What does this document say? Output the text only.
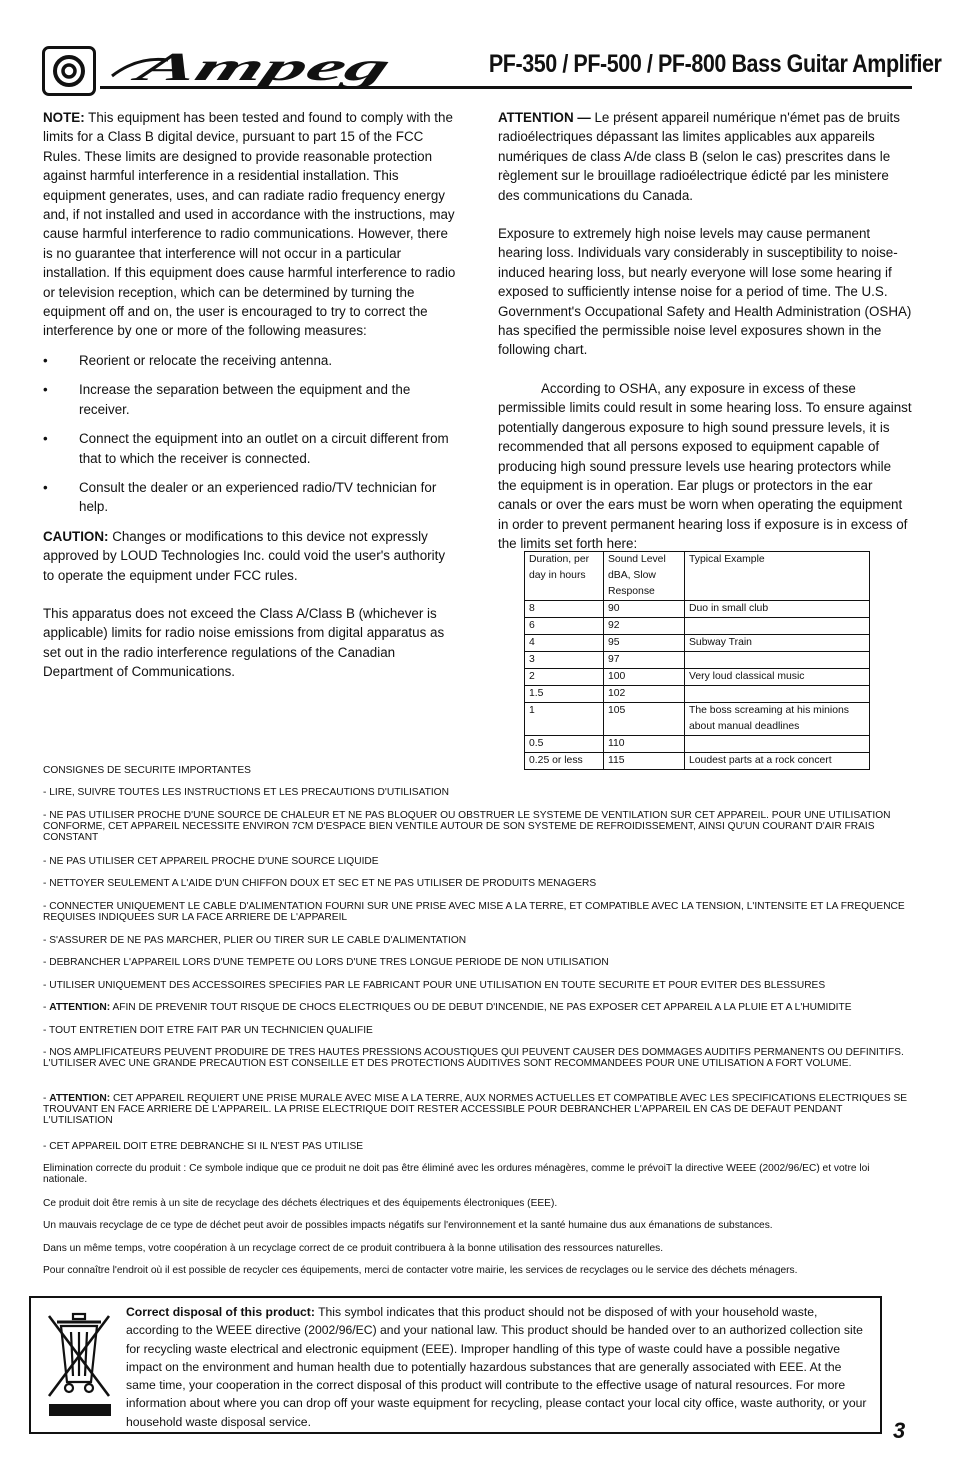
Ampeg	PF-350 / PF-500 / PF-800 Bass Guitar Amplifier

NOTE: This equipment has been tested and found to comply with the limits for a Class B digital device, pursuant to part 15 of the FCC Rules. These limits are designed to provide reasonable protection against harmful interference in a residential installation. This equipment generates, uses, and can radiate radio frequency energy and, if not installed and used in accordance with the instructions, may cause harmful interference to radio communications. However, there is no guarantee that interference will not occur in a particular installation. If this equipment does cause harmful interference to radio or television reception, which can be determined by turning the equipment off and on, the user is encouraged to try to correct the interference by one or more of the following measures:

•	Reorient or relocate the receiving antenna.
•	Increase the separation between the equipment and the receiver.
•	Connect the equipment into an outlet on a circuit different from that to which the receiver is connected.
•	Consult the dealer or an experienced radio/TV technician for help.

CAUTION: Changes or modifications to this device not expressly approved by LOUD Technologies Inc. could void the user's authority to operate the equipment under FCC rules.

This apparatus does not exceed the Class A/Class B (whichever is applicable) limits for radio noise emissions from digital apparatus as set out in the radio interference regulations of the Canadian Department of Communications.

ATTENTION — Le présent appareil numérique n'émet pas de bruits radioélectriques dépassant las limites applicables aux appareils numériques de class A/de class B (selon le cas) prescrites dans le règlement sur le brouillage radioélectrique édicté par les ministere des communications du Canada.

Exposure to extremely high noise levels may cause permanent hearing loss. Individuals vary considerably in susceptibility to noise-induced hearing loss, but nearly everyone will lose some hearing if exposed to sufficiently intense noise for a period of time. The U.S. Government's Occupational Safety and Health Administration (OSHA) has specified the permissible noise level exposures shown in the following chart.

According to OSHA, any exposure in excess of these permissible limits could result in some hearing loss. To ensure against potentially dangerous exposure to high sound pressure levels, it is recommended that all persons exposed to equipment capable of producing high sound pressure levels use hearing protectors while the equipment is in operation. Ear plugs or protectors in the ear canals or over the ears must be worn when operating the equipment in order to prevent permanent hearing loss if exposure is in excess of the limits set forth here:

Duration, per day in hours	Sound Level dBA, Slow Response	Typical Example
8	90	Duo in small club
6	92	
4	95	Subway Train
3	97	
2	100	Very loud classical music
1.5	102	
1	105	The boss screaming at his minions about manual deadlines
0.5	110	
0.25 or less	115	Loudest parts at a rock concert
CONSIGNES DE SECURITE IMPORTANTES
- LIRE, SUIVRE TOUTES LES INSTRUCTIONS ET LES PRECAUTIONS D'UTILISATION
- NE PAS UTILISER PROCHE D'UNE SOURCE DE CHALEUR ET NE PAS BLOQUER OU OBSTRUER LE SYSTEME DE VENTILATION SUR CET APPAREIL. POUR UNE UTILISATION CONFORME, CET APPAREIL NECESSITE ENVIRON 7CM D'ESPACE BIEN VENTILE AUTOUR DE SON SYSTEME DE REFROIDISSEMENT, AINSI QU'UN COURANT D'AIR FRAIS CONSTANT
- NE PAS UTILISER CET APPAREIL PROCHE D'UNE SOURCE LIQUIDE
- NETTOYER SEULEMENT A L'AIDE D'UN CHIFFON DOUX ET SEC ET NE PAS UTILISER DE PRODUITS MENAGERS
- CONNECTER UNIQUEMENT LE CABLE D'ALIMENTATION FOURNI SUR UNE PRISE AVEC MISE A LA TERRE, ET COMPATIBLE AVEC LA TENSION, L'INTENSITE ET LA FREQUENCE REQUISES INDIQUEES SUR LA FACE ARRIERE DE L'APPAREIL
- S'ASSURER DE NE PAS MARCHER, PLIER OU TIRER SUR LE CABLE D'ALIMENTATION
- DEBRANCHER L'APPAREIL LORS D'UNE TEMPETE OU LORS D'UNE TRES LONGUE PERIODE DE NON UTILISATION
- UTILISER UNIQUEMENT DES ACCESSOIRES SPECIFIES PAR LE FABRICANT POUR UNE UTILISATION EN TOUTE SECURITE ET POUR EVITER DES BLESSURES
- ATTENTION: AFIN DE PREVENIR TOUT RISQUE DE CHOCS ELECTRIQUES OU DE DEBUT D'INCENDIE, NE PAS EXPOSER CET APPAREIL A LA PLUIE ET A L'HUMIDITE
- TOUT ENTRETIEN DOIT ETRE FAIT PAR UN TECHNICIEN QUALIFIE
- NOS AMPLIFICATEURS PEUVENT PRODUIRE DE TRES HAUTES PRESSIONS ACOUSTIQUES QUI PEUVENT CAUSER DES DOMMAGES AUDITIFS PERMANENTS OU DEFINITIFS. L'UTILISER AVEC UNE GRANDE PRECAUTION EST CONSEILLE ET DES PROTECTIONS AUDITIVES SONT RECOMMANDEES POUR UNE UTILISATION A FORT VOLUME.
- ATTENTION: CET APPAREIL REQUIERT UNE PRISE MURALE AVEC MISE A LA TERRE, AUX NORMES ACTUELLES ET COMPATIBLE AVEC LES SPECIFICATIONS ELECTRIQUES SE TROUVANT EN FACE ARRIERE DE L'APPAREIL. LA PRISE ELECTRIQUE DOIT RESTER ACCESSIBLE POUR DEBRANCHER L'APPAREIL EN CAS DE DEFAUT PENDANT L'UTILISATION
- CET APPAREIL DOIT ETRE DEBRANCHE SI IL N'EST PAS UTILISE
Elimination correcte du produit : Ce symbole indique que ce produit ne doit pas être éliminé avec les ordures ménagères, comme le prévoiT la directive WEEE (2002/96/EC) et votre loi nationale.
Ce produit doit être remis à un site de recyclage des déchets électriques et des équipements électroniques (EEE).
Un mauvais recyclage de ce type de déchet peut avoir de possibles impacts négatifs sur l'environnement et la santé humaine dus aux émanations de substances.
Dans un même temps, votre coopération à un recyclage correct de ce produit contribuera à la bonne utilisation des ressources naturelles.
Pour connaître l'endroit où il est possible de recycler ces équipements, merci de contacter votre mairie, les services de recyclages ou le service des déchets ménagers.
Correct disposal of this product: This symbol indicates that this product should not be disposed of with your household waste, according to the WEEE directive (2002/96/EC) and your national law. This product should be handed over to an authorized collection site for recycling waste electrical and electronic equipment (EEE). Improper handling of this type of waste could have a possible negative impact on the environment and human health due to potentially hazardous substances that are generally associated with EEE. At the same time, your cooperation in the correct disposal of this product will contribute to the effective usage of natural resources. For more information about where you can drop off your waste equipment for recycling, please contact your local city office, waste authority, or your household waste disposal service.	3
